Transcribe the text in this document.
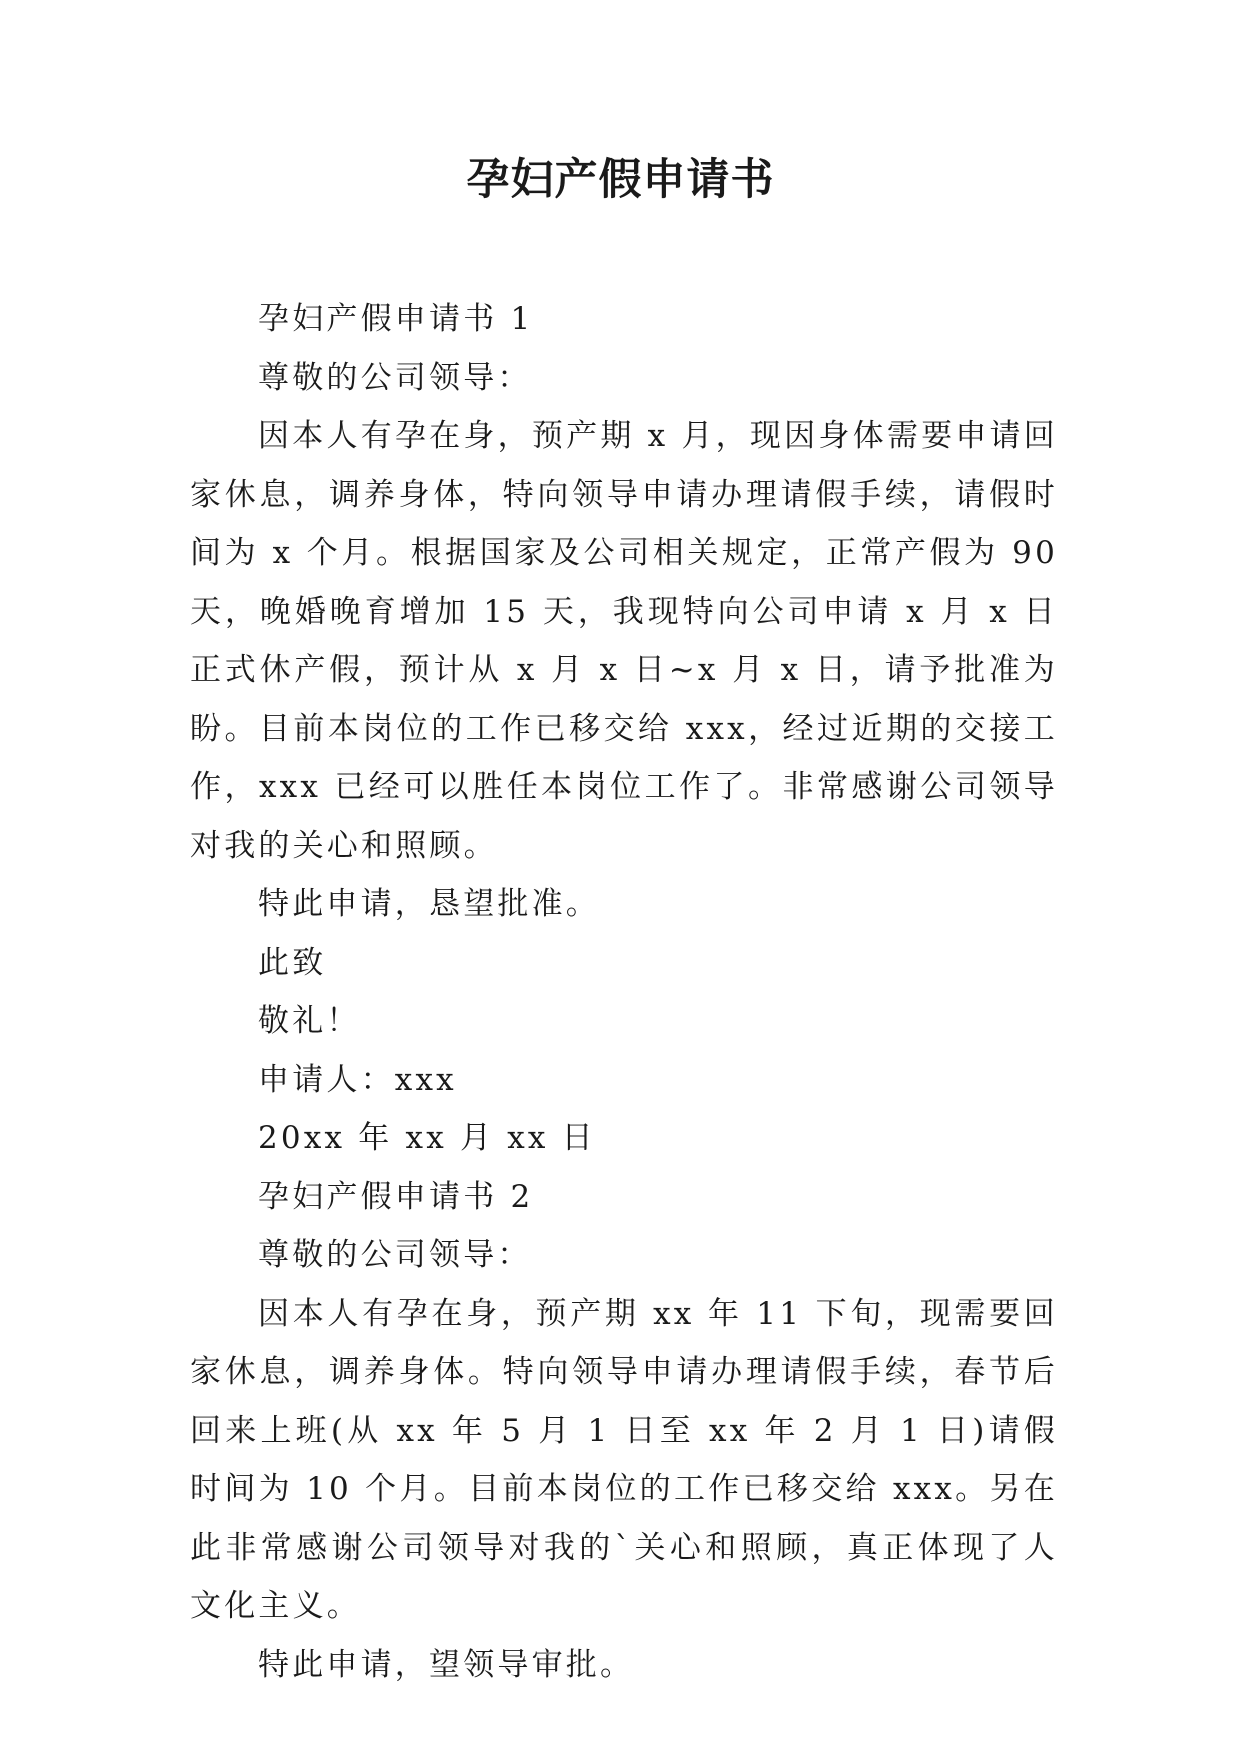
孕妇产假申请书

孕妇产假申请书 1

尊敬的公司领导：

因本人有孕在身，预产期 x 月，现因身体需要申请回家休息，调养身体，特向领导申请办理请假手续，请假时间为 x 个月。根据国家及公司相关规定，正常产假为 90 天，晚婚晚育增加 15 天，我现特向公司申请 x 月 x 日正式休产假，预计从 x 月 x 日~x 月 x 日，请予批准为盼。目前本岗位的工作已移交给 xxx，经过近期的交接工作，xxx 已经可以胜任本岗位工作了。非常感谢公司领导对我的关心和照顾。

特此申请，恳望批准。

此致

敬礼！

申请人：xxx

20xx 年 xx 月 xx 日

孕妇产假申请书 2

尊敬的公司领导：

因本人有孕在身，预产期 xx 年 11 下旬，现需要回家休息，调养身体。特向领导申请办理请假手续，春节后回来上班(从 xx 年 5 月 1 日至 xx 年 2 月 1 日)请假时间为 10 个月。目前本岗位的工作已移交给 xxx。另在此非常感谢公司领导对我的`关心和照顾，真正体现了人文化主义。

特此申请，望领导审批。
